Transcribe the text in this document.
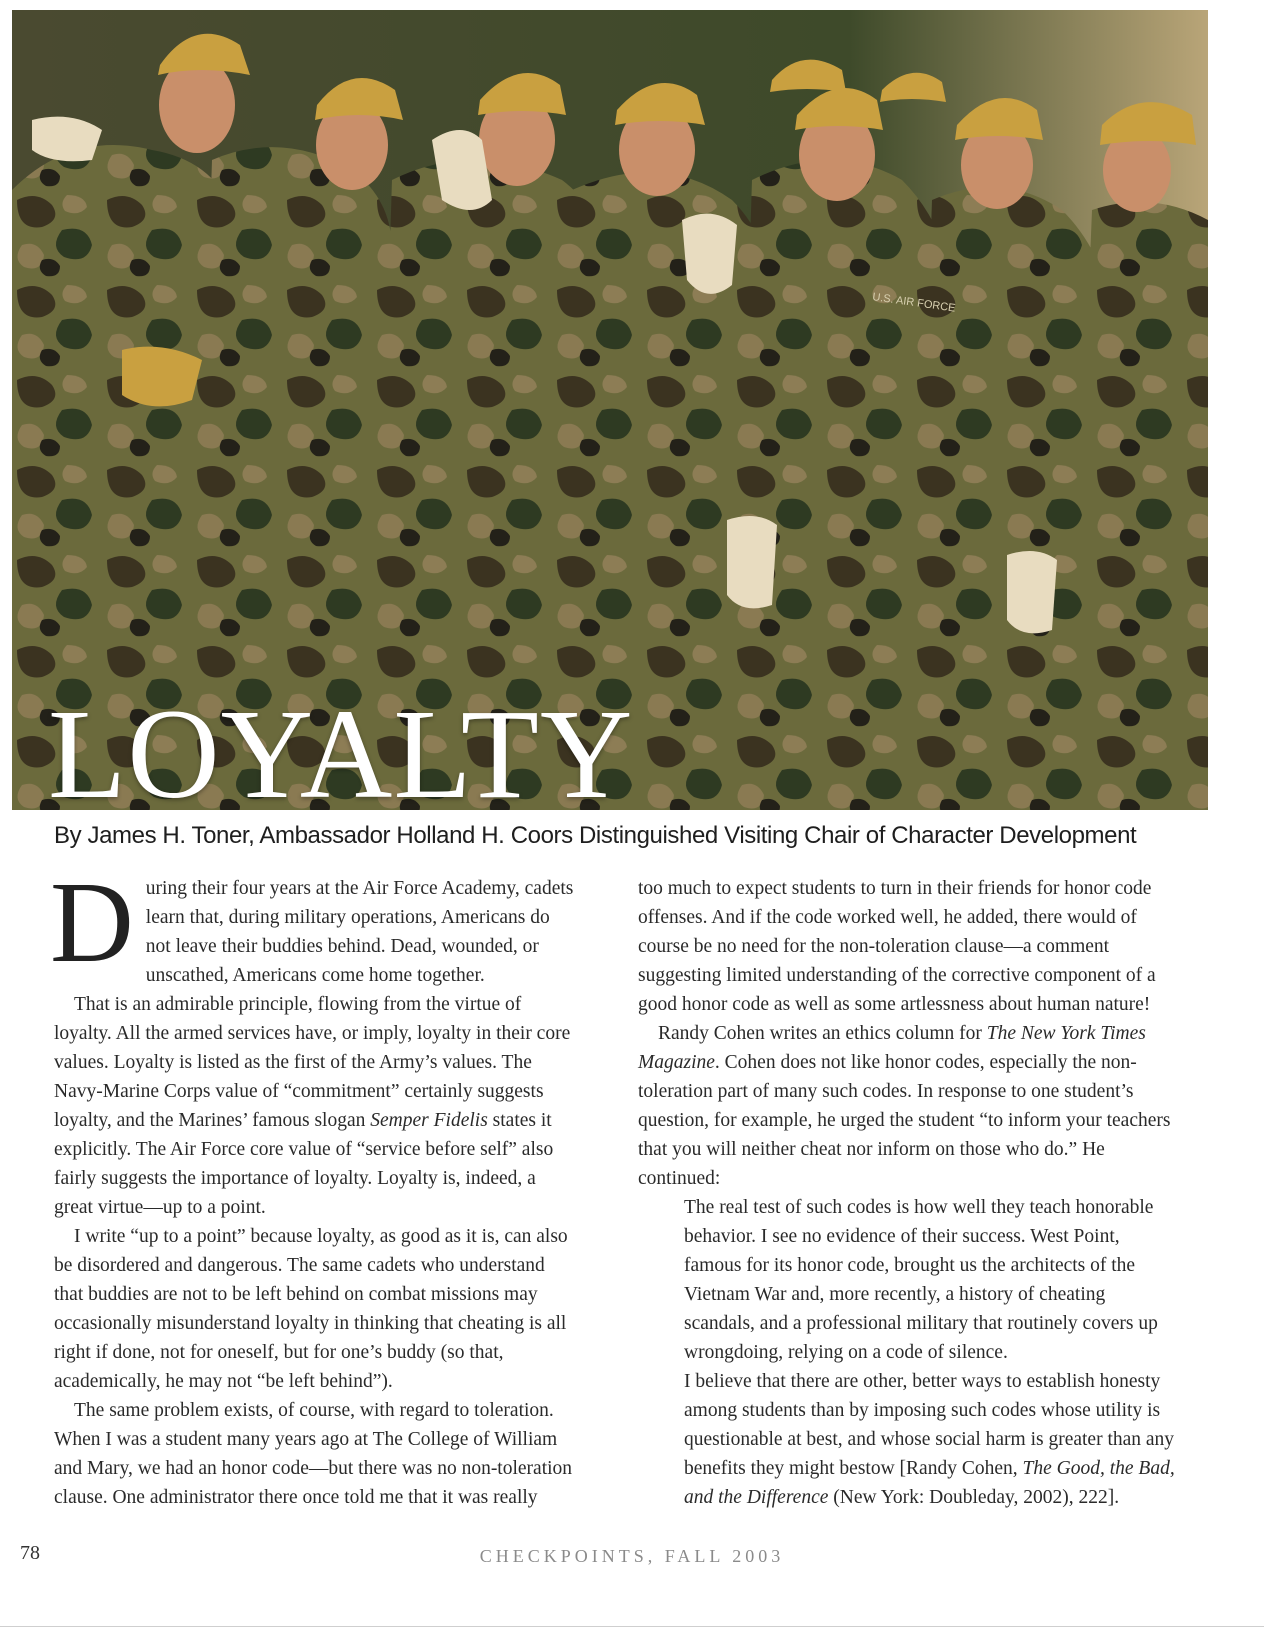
U.S. AIR FORCE
LOYALTY

By James H. Toner, Ambassador Holland H. Coors Distinguished Visiting Chair of Character Development

During their four years at the Air Force Academy, cadets learn that, during military operations, Americans do not leave their buddies behind. Dead, wounded, or unscathed, Americans come home together.

That is an admirable principle, flowing from the virtue of loyalty. All the armed services have, or imply, loyalty in their core values. Loyalty is listed as the first of the Army’s values. The Navy-Marine Corps value of “commitment” certainly suggests loyalty, and the Marines’ famous slogan Semper Fidelis states it explicitly. The Air Force core value of “service before self” also fairly suggests the importance of loyalty. Loyalty is, indeed, a great virtue—up to a point.

I write “up to a point” because loyalty, as good as it is, can also be disordered and dangerous. The same cadets who understand that buddies are not to be left behind on combat missions may occasionally misunderstand loyalty in thinking that cheating is all right if done, not for oneself, but for one’s buddy (so that, academically, he may not “be left behind”).

The same problem exists, of course, with regard to toleration. When I was a student many years ago at The College of William and Mary, we had an honor code—but there was no non-toleration clause. One administrator there once told me that it was really

too much to expect students to turn in their friends for honor code offenses. And if the code worked well, he added, there would of course be no need for the non-toleration clause—a comment suggesting limited understanding of the corrective component of a good honor code as well as some artlessness about human nature!

Randy Cohen writes an ethics column for The New York Times Magazine. Cohen does not like honor codes, especially the non-toleration part of many such codes. In response to one student’s question, for example, he urged the student “to inform your teachers that you will neither cheat nor inform on those who do.” He continued:

The real test of such codes is how well they teach honorable behavior. I see no evidence of their success. West Point, famous for its honor code, brought us the architects of the Vietnam War and, more recently, a history of cheating scandals, and a professional military that routinely covers up wrongdoing, relying on a code of silence.

I believe that there are other, better ways to establish honesty among students than by imposing such codes whose utility is questionable at best, and whose social harm is greater than any benefits they might bestow [Randy Cohen, The Good, the Bad, and the Difference (New York: Doubleday, 2002), 222].

78	CHECKPOINTS, FALL 2003
